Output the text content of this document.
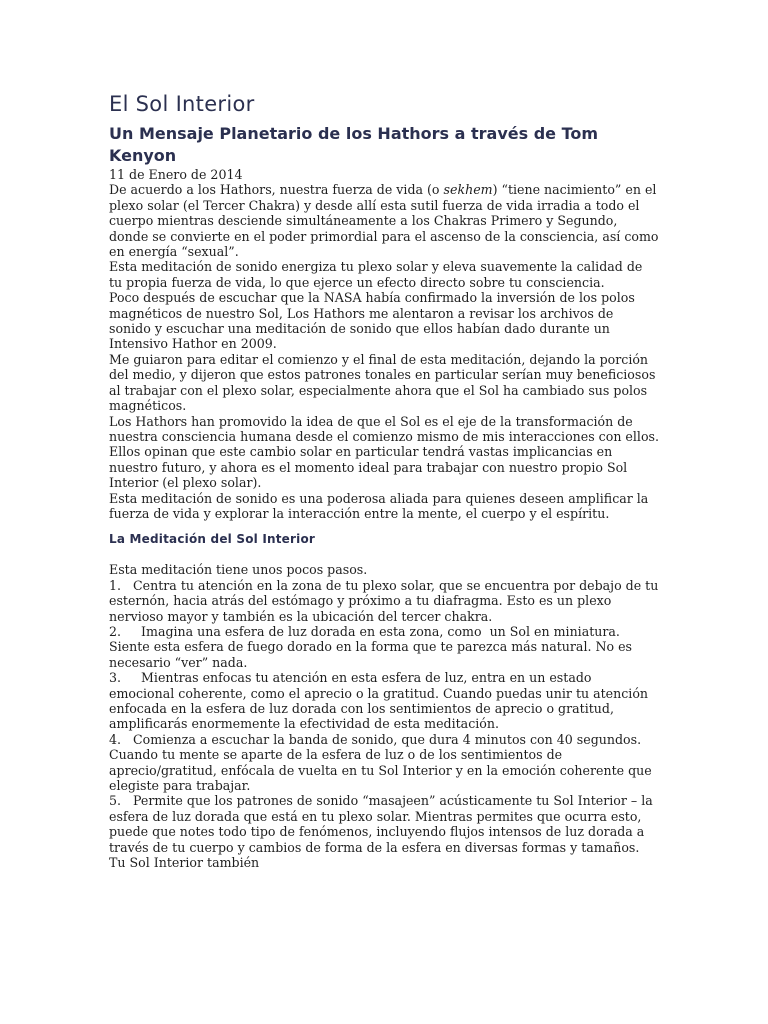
El Sol Interior
Un Mensaje Planetario de los Hathors a través de Tom Kenyon

11 de Enero de 2014

De acuerdo a los Hathors, nuestra fuerza de vida (o sekhem) “tiene nacimiento” en el plexo solar (el Tercer Chakra) y desde allí esta sutil fuerza de vida irradia a todo el cuerpo mientras desciende simultáneamente a los Chakras Primero y Segundo, donde se convierte en el poder primordial para el ascenso de la consciencia, así como en energía “sexual”.

Esta meditación de sonido energiza tu plexo solar y eleva suavemente la calidad de tu propia fuerza de vida, lo que ejerce un efecto directo sobre tu consciencia.

Poco después de escuchar que la NASA había confirmado la inversión de los polos magnéticos de nuestro Sol, Los Hathors me alentaron a revisar los archivos de sonido y escuchar una meditación de sonido que ellos habían dado durante un Intensivo Hathor en 2009.

Me guiaron para editar el comienzo y el final de esta meditación, dejando la porción del medio, y dijeron que estos patrones tonales en particular serían muy beneficiosos al trabajar con el plexo solar, especialmente ahora que el Sol ha cambiado sus polos magnéticos.

Los Hathors han promovido la idea de que el Sol es el eje de la transformación de nuestra consciencia humana desde el comienzo mismo de mis interacciones con ellos.

Ellos opinan que este cambio solar en particular tendrá vastas implicancias en nuestro futuro, y ahora es el momento ideal para trabajar con nuestro propio Sol Interior (el plexo solar).

Esta meditación de sonido es una poderosa aliada para quienes deseen amplificar la fuerza de vida y explorar la interacción entre la mente, el cuerpo y el espíritu.

La Meditación del Sol Interior

Esta meditación tiene unos pocos pasos.

1.   Centra tu atención en la zona de tu plexo solar, que se encuentra por debajo de tu esternón, hacia atrás del estómago y próximo a tu diafragma. Esto es un plexo nervioso mayor y también es la ubicación del tercer chakra.

2.     Imagina una esfera de luz dorada en esta zona, como  un Sol en miniatura. Siente esta esfera de fuego dorado en la forma que te parezca más natural. No es necesario “ver” nada.

3.     Mientras enfocas tu atención en esta esfera de luz, entra en un estado emocional coherente, como el aprecio o la gratitud. Cuando puedas unir tu atención enfocada en la esfera de luz dorada con los sentimientos de aprecio o gratitud, amplificarás enormemente la efectividad de esta meditación.

4.   Comienza a escuchar la banda de sonido, que dura 4 minutos con 40 segundos. Cuando tu mente se aparte de la esfera de luz o de los sentimientos de aprecio/gratitud, enfócala de vuelta en tu Sol Interior y en la emoción coherente que elegiste para trabajar.

5.   Permite que los patrones de sonido “masajeen” acústicamente tu Sol Interior – la esfera de luz dorada que está en tu plexo solar. Mientras permites que ocurra esto, puede que notes todo tipo de fenómenos, incluyendo flujos intensos de luz dorada a través de tu cuerpo y cambios de forma de la esfera en diversas formas y tamaños. Tu Sol Interior también
